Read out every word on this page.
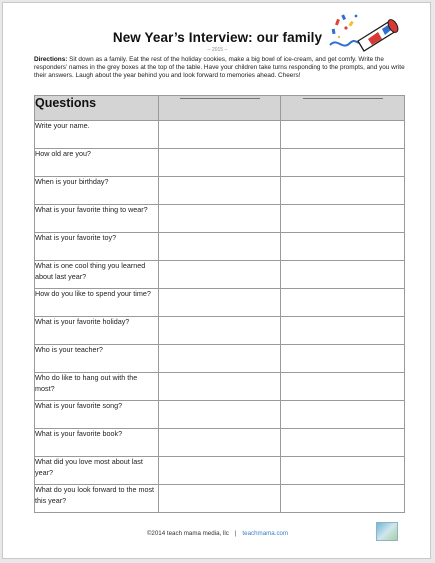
New Year’s Interview: our family
-- 2015 --
Directions: Sit down as a family. Eat the rest of the holiday cookies, make a big bowl of ice-cream, and get comfy. Write the responders’ names in the grey boxes at the top of the table. Have your children take turns responding to the prompts, and you write their answers. Laugh about the year behind you and look forward to memories ahead. Cheers!
Questions	

Write your name.		
How old are you?		
When is your birthday?		
What is your favorite thing to wear?		
What is your favorite toy?		
What is one cool thing you learned about last year?		
How do you like to spend your time?		
What is your favorite holiday?		
Who is your teacher?		
Who do like to hang out with the most?		
What is your favorite song?		
What is your favorite book?		
What did you love most about last year?		
What do you look forward to the most this year?		
©2014 teach mama media, llc | teachmama.com
